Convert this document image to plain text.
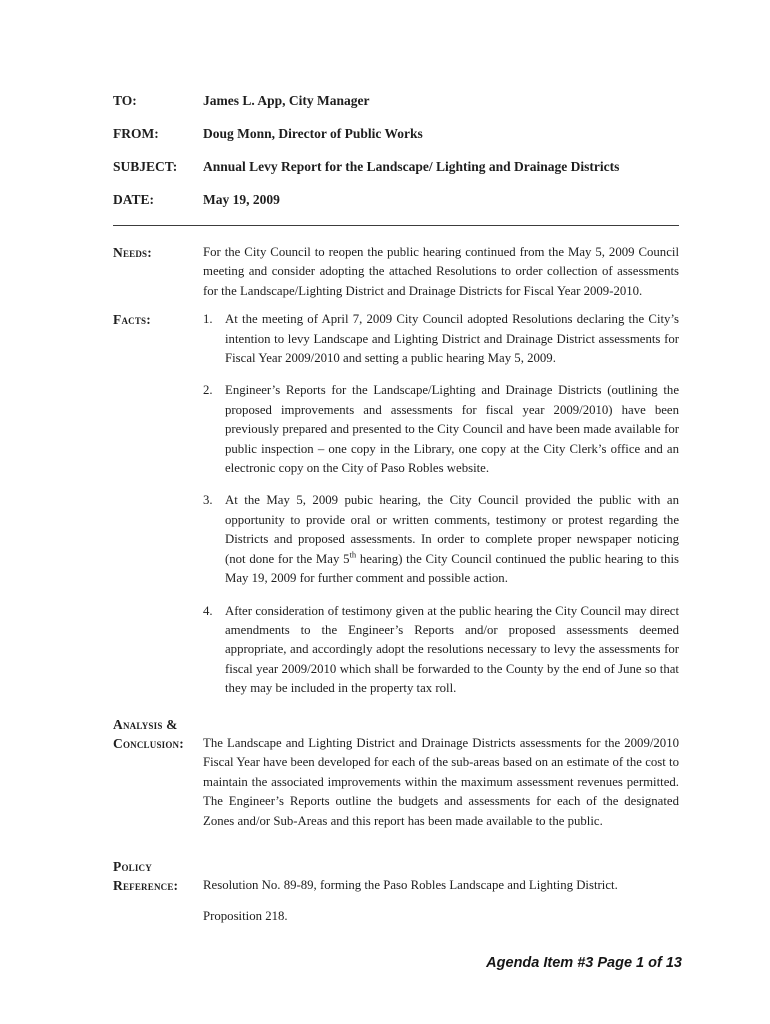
TO:	James L. App, City Manager
FROM:	Doug Monn, Director of Public Works
SUBJECT:	Annual Levy Report for the Landscape/ Lighting and Drainage Districts
DATE:	May 19, 2009
Needs:	For the City Council to reopen the public hearing continued from the May 5, 2009 Council meeting and consider adopting the attached Resolutions to order collection of assessments for the Landscape/Lighting District and Drainage Districts for Fiscal Year 2009-2010.

Facts:	1. At the meeting of April 7, 2009 City Council adopted Resolutions declaring the City’s intention to levy Landscape and Lighting District and Drainage District assessments for Fiscal Year 2009/2010 and setting a public hearing May 5, 2009.

2. Engineer’s Reports for the Landscape/Lighting and Drainage Districts (outlining the proposed improvements and assessments for fiscal year 2009/2010) have been previously prepared and presented to the City Council and have been made available for public inspection – one copy in the Library, one copy at the City Clerk’s office and an electronic copy on the City of Paso Robles website.

3. At the May 5, 2009 pubic hearing, the City Council provided the public with an opportunity to provide oral or written comments, testimony or protest regarding the Districts and proposed assessments. In order to complete proper newspaper noticing (not done for the May 5th hearing) the City Council continued the public hearing to this May 19, 2009 for further comment and possible action.

4. After consideration of testimony given at the public hearing the City Council may direct amendments to the Engineer’s Reports and/or proposed assessments deemed appropriate, and accordingly adopt the resolutions necessary to levy the assessments for fiscal year 2009/2010 which shall be forwarded to the County by the end of June so that they may be included in the property tax roll.

Analysis &
Conclusion:	The Landscape and Lighting District and Drainage Districts assessments for the 2009/2010 Fiscal Year have been developed for each of the sub-areas based on an estimate of the cost to maintain the associated improvements within the maximum assessment revenues permitted. The Engineer’s Reports outline the budgets and assessments for each of the designated Zones and/or Sub-Areas and this report has been made available to the public.

Policy
Reference:	Resolution No. 89-89, forming the Paso Robles Landscape and Lighting District.

Proposition 218.

Agenda Item #3 Page 1 of 13
